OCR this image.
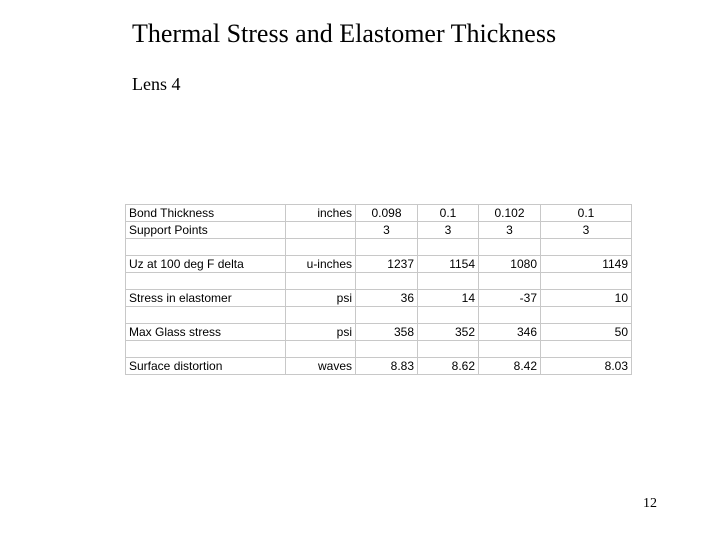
Thermal Stress and Elastomer Thickness
Lens 4
Bond Thickness	inches	0.098	0.1	0.102	0.1
Support Points		3	3	3	3

Uz at 100 deg F delta	u-inches	1237	1154	1080	1149

Stress in elastomer	psi	36	14	-37	10

Max Glass stress	psi	358	352	346	50

Surface distortion	waves	8.83	8.62	8.42	8.03
12
